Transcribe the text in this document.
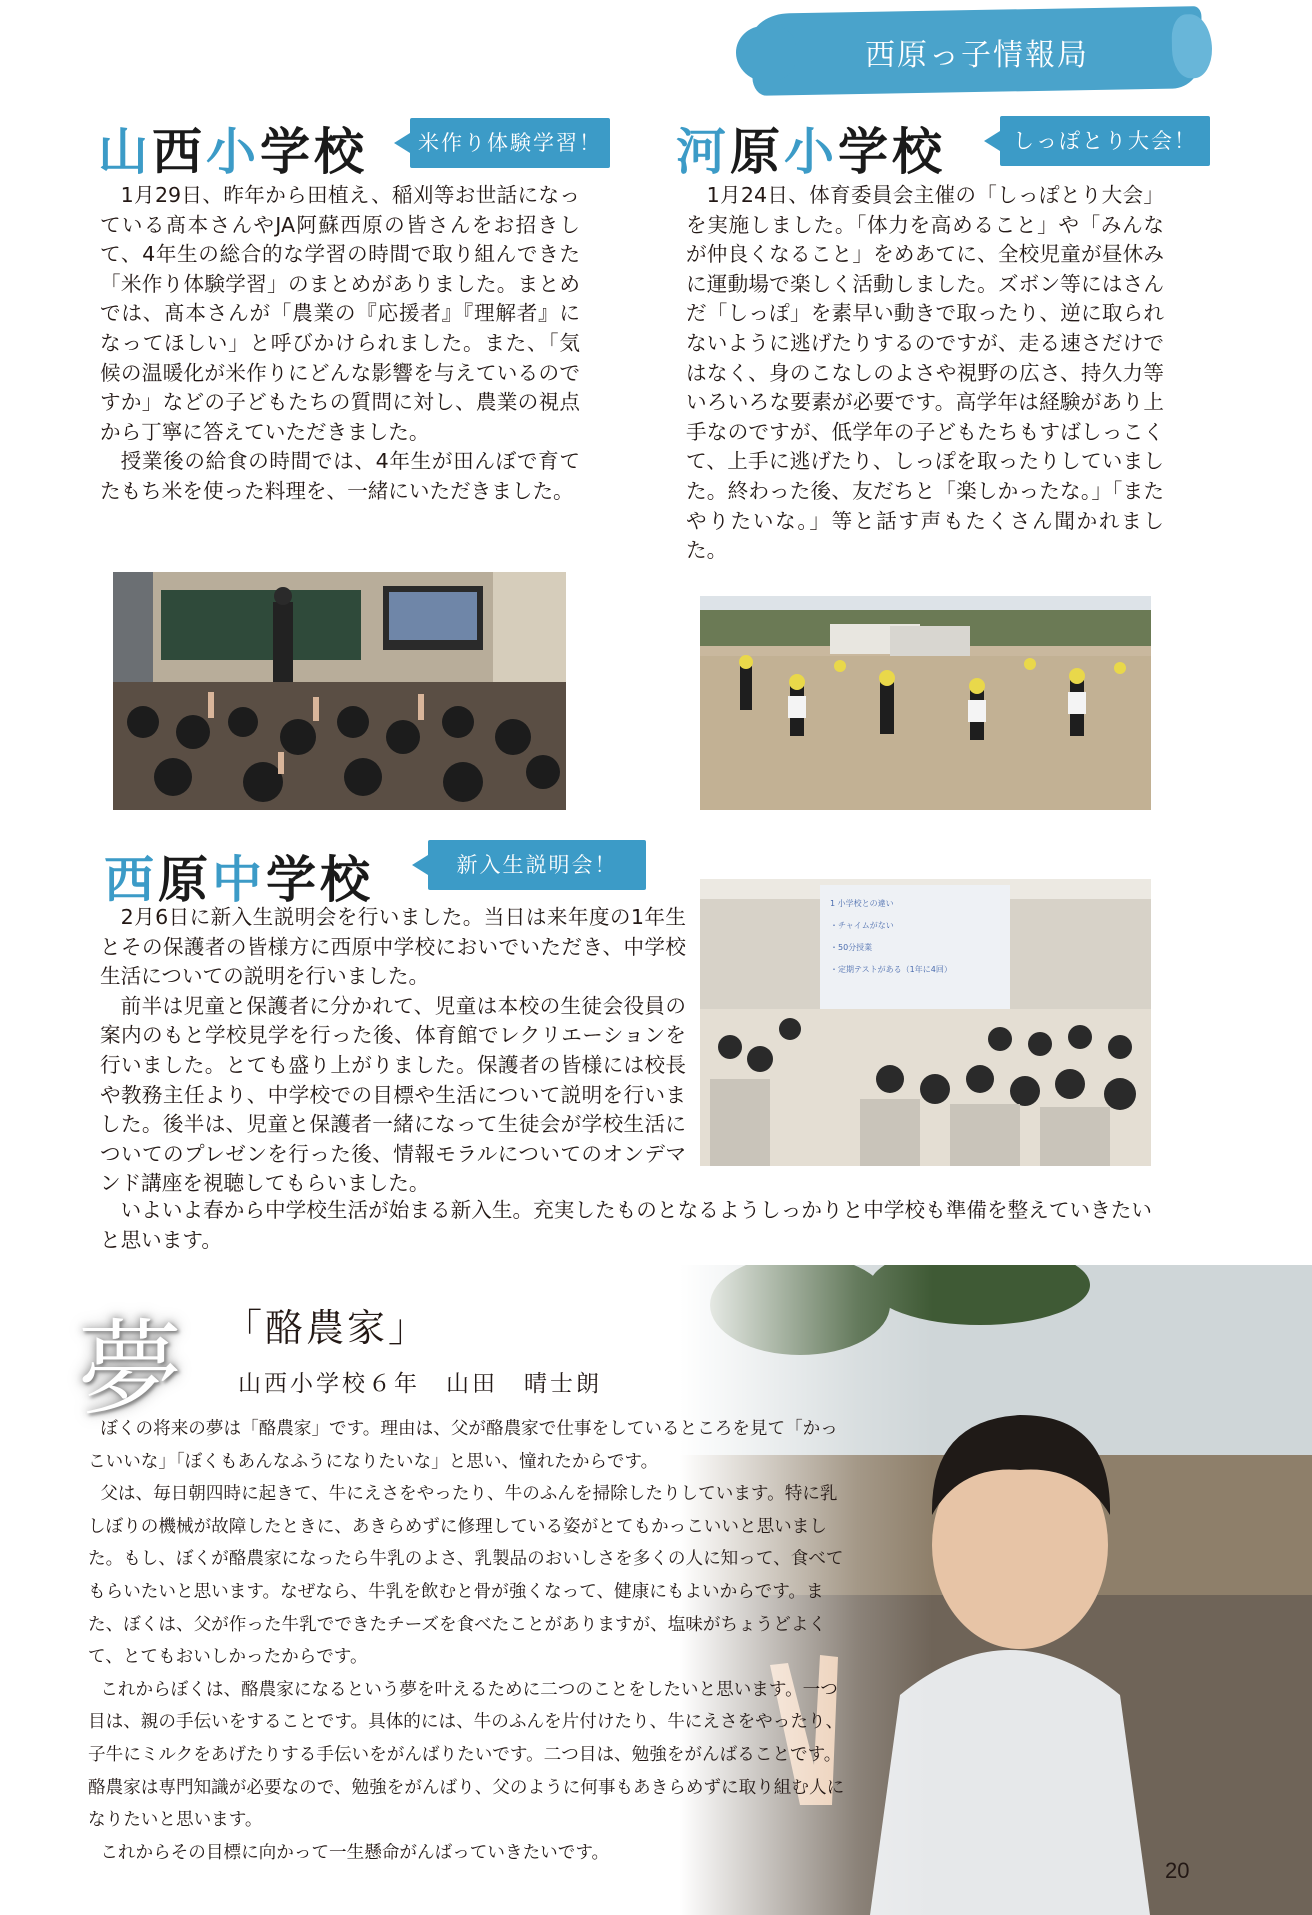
西原っ子情報局
山西小学校	米作り体験学習！

1月29日、昨年から田植え、稲刈等お世話になっている髙本さんやJA阿蘇西原の皆さんをお招きして、4年生の総合的な学習の時間で取り組んできた「米作り体験学習」のまとめがありました。まとめでは、髙本さんが「農業の『応援者』『理解者』になってほしい」と呼びかけられました。また、「気候の温暖化が米作りにどんな影響を与えているのですか」などの子どもたちの質問に対し、農業の視点から丁寧に答えていただきました。

授業後の給食の時間では、4年生が田んぼで育てたもち米を使った料理を、一緒にいただきました。

河原小学校	しっぽとり大会！

1月24日、体育委員会主催の「しっぽとり大会」を実施しました。「体力を高めること」や「みんなが仲良くなること」をめあてに、全校児童が昼休みに運動場で楽しく活動しました。ズボン等にはさんだ「しっぽ」を素早い動きで取ったり、逆に取られないように逃げたりするのですが、走る速さだけではなく、身のこなしのよさや視野の広さ、持久力等いろいろな要素が必要です。高学年は経験があり上手なのですが、低学年の子どもたちもすばしっこくて、上手に逃げたり、しっぽを取ったりしていました。終わった後、友だちと「楽しかったな。」「またやりたいな。」等と話す声もたくさん聞かれました。

西原中学校	新入生説明会！

2月6日に新入生説明会を行いました。当日は来年度の1年生とその保護者の皆様方に西原中学校においでいただき、中学校生活についての説明を行いました。

前半は児童と保護者に分かれて、児童は本校の生徒会役員の案内のもと学校見学を行った後、体育館でレクリエーションを行いました。とても盛り上がりました。保護者の皆様には校長や教務主任より、中学校での目標や生活について説明を行いました。後半は、児童と保護者一緒になって生徒会が学校生活についてのプレゼンを行った後、情報モラルについてのオンデマンド講座を視聴してもらいました。

1 小学校との違い
・チャイムがない
・50分授業
・定期テストがある（1年に4回）

いよいよ春から中学校生活が始まる新入生。充実したものとなるようしっかりと中学校も準備を整えていきたいと思います。

夢 「酪農家」
山西小学校６年　山田　晴士朗

ぼくの将来の夢は「酪農家」です。理由は、父が酪農家で仕事をしているところを見て「かっこいいな」「ぼくもあんなふうになりたいな」と思い、憧れたからです。

父は、毎日朝四時に起きて、牛にえさをやったり、牛のふんを掃除したりしています。特に乳しぼりの機械が故障したときに、あきらめずに修理している姿がとてもかっこいいと思いました。もし、ぼくが酪農家になったら牛乳のよさ、乳製品のおいしさを多くの人に知って、食べてもらいたいと思います。なぜなら、牛乳を飲むと骨が強くなって、健康にもよいからです。また、ぼくは、父が作った牛乳でできたチーズを食べたことがありますが、塩味がちょうどよくて、とてもおいしかったからです。

これからぼくは、酪農家になるという夢を叶えるために二つのことをしたいと思います。一つ目は、親の手伝いをすることです。具体的には、牛のふんを片付けたり、牛にえさをやったり、子牛にミルクをあげたりする手伝いをがんばりたいです。二つ目は、勉強をがんばることです。酪農家は専門知識が必要なので、勉強をがんばり、父のように何事もあきらめずに取り組む人になりたいと思います。

これからその目標に向かって一生懸命がんばっていきたいです。

20
